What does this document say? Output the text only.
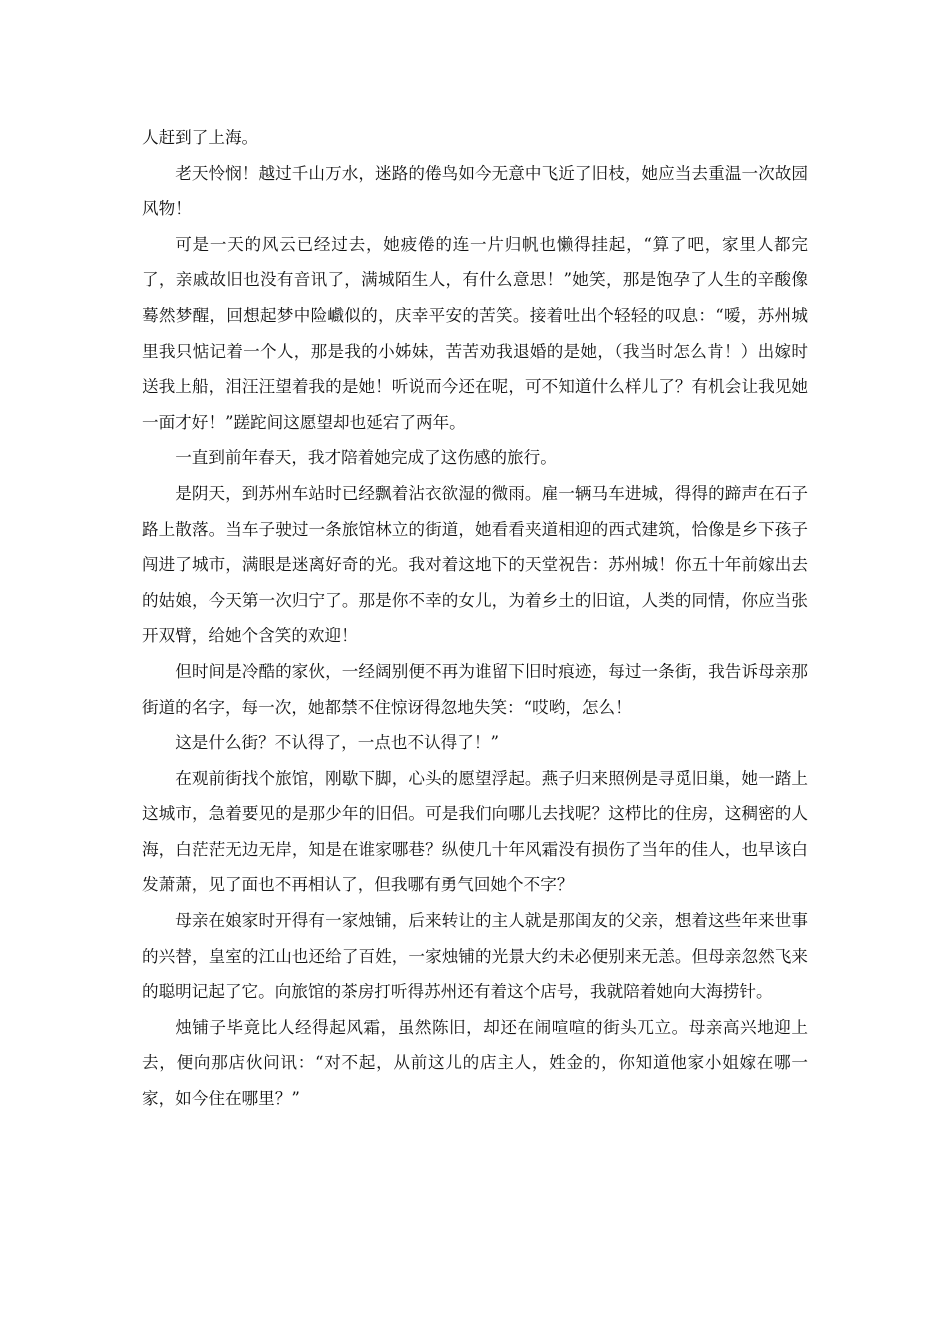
人赶到了上海。

老天怜悯！越过千山万水，迷路的倦鸟如今无意中飞近了旧枝，她应当去重温一次故园风物！

可是一天的风云已经过去，她疲倦的连一片归帆也懒得挂起，“算了吧，家里人都完了，亲戚故旧也没有音讯了，满城陌生人，有什么意思！”她笑，那是饱孕了人生的辛酸像蓦然梦醒，回想起梦中险巇似的，庆幸平安的苦笑。接着吐出个轻轻的叹息：“嗳，苏州城里我只惦记着一个人，那是我的小姊妹，苦苦劝我退婚的是她，（我当时怎么肯！）出嫁时送我上船，泪汪汪望着我的是她！听说而今还在呢，可不知道什么样儿了？有机会让我见她一面才好！”蹉跎间这愿望却也延宕了两年。

一直到前年春天，我才陪着她完成了这伤感的旅行。

是阴天，到苏州车站时已经飘着沾衣欲湿的微雨。雇一辆马车进城，得得的蹄声在石子路上散落。当车子驶过一条旅馆林立的街道，她看看夹道相迎的西式建筑，恰像是乡下孩子闯进了城市，满眼是迷离好奇的光。我对着这地下的天堂祝告：苏州城！你五十年前嫁出去的姑娘，今天第一次归宁了。那是你不幸的女儿，为着乡土的旧谊，人类的同情，你应当张开双臂，给她个含笑的欢迎！

但时间是冷酷的家伙，一经阔别便不再为谁留下旧时痕迹，每过一条街，我告诉母亲那街道的名字，每一次，她都禁不住惊讶得忽地失笑：“哎哟，怎么！

这是什么街？不认得了，一点也不认得了！”

在观前街找个旅馆，刚歇下脚，心头的愿望浮起。燕子归来照例是寻觅旧巢，她一踏上这城市，急着要见的是那少年的旧侣。可是我们向哪儿去找呢？这栉比的住房，这稠密的人海，白茫茫无边无岸，知是在谁家哪巷？纵使几十年风霜没有损伤了当年的佳人，也早该白发萧萧，见了面也不再相认了，但我哪有勇气回她个不字？

母亲在娘家时开得有一家烛铺，后来转让的主人就是那闺友的父亲，想着这些年来世事的兴替，皇室的江山也还给了百姓，一家烛铺的光景大约未必便别来无恙。但母亲忽然飞来的聪明记起了它。向旅馆的茶房打听得苏州还有着这个店号，我就陪着她向大海捞针。

烛铺子毕竟比人经得起风霜，虽然陈旧，却还在闹喧喧的街头兀立。母亲高兴地迎上去，便向那店伙问讯：“对不起，从前这儿的店主人，姓金的，你知道他家小姐嫁在哪一家，如今住在哪里？”
